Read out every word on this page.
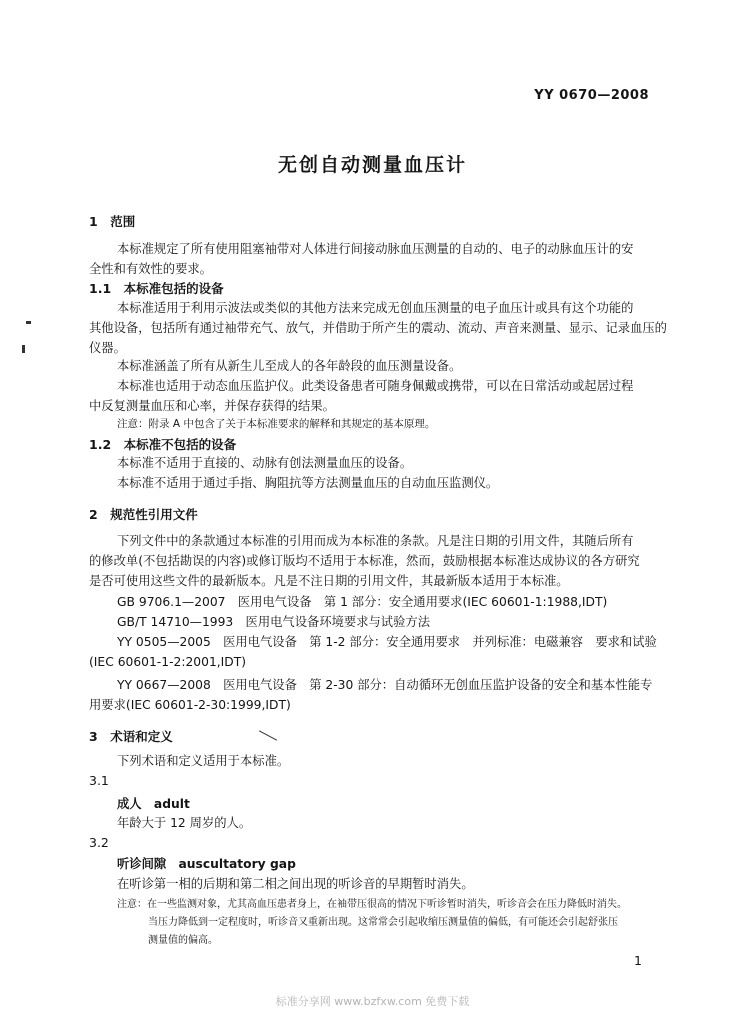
YY 0670—2008
无创自动测量血压计
1　范围
本标准规定了所有使用阻塞袖带对人体进行间接动脉血压测量的自动的、电子的动脉血压计的安
全性和有效性的要求。
1.1　本标准包括的设备
本标准适用于利用示波法或类似的其他方法来完成无创血压测量的电子血压计或具有这个功能的
其他设备，包括所有通过袖带充气、放气，并借助于所产生的震动、流动、声音来测量、显示、记录血压的
仪器。
本标准涵盖了所有从新生儿至成人的各年龄段的血压测量设备。
本标准也适用于动态血压监护仪。此类设备患者可随身佩戴或携带，可以在日常活动或起居过程
中反复测量血压和心率，并保存获得的结果。
注意：附录 A 中包含了关于本标准要求的解释和其规定的基本原理。
1.2　本标准不包括的设备
本标准不适用于直接的、动脉有创法测量血压的设备。
本标准不适用于通过手指、胸阻抗等方法测量血压的自动血压监测仪。
2　规范性引用文件
下列文件中的条款通过本标准的引用而成为本标准的条款。凡是注日期的引用文件，其随后所有
的修改单(不包括勘误的内容)或修订版均不适用于本标准，然而，鼓励根据本标准达成协议的各方研究
是否可使用这些文件的最新版本。凡是不注日期的引用文件，其最新版本适用于本标准。
GB 9706.1—2007　医用电气设备　第 1 部分：安全通用要求(IEC 60601-1:1988,IDT)
GB/T 14710—1993　医用电气设备环境要求与试验方法
YY 0505—2005　医用电气设备　第 1-2 部分：安全通用要求　并列标准：电磁兼容　要求和试验
(IEC 60601-1-2:2001,IDT)
YY 0667—2008　医用电气设备　第 2-30 部分：自动循环无创血压监护设备的安全和基本性能专
用要求(IEC 60601-2-30:1999,IDT)
3　术语和定义
下列术语和定义适用于本标准。
3.1
成人　adult
年龄大于 12 周岁的人。
3.2
听诊间隙　auscultatory gap
在听诊第一相的后期和第二相之间出现的听诊音的早期暂时消失。
注意：在一些监测对象，尤其高血压患者身上，在袖带压很高的情况下听诊暂时消失，听诊音会在压力降低时消失。
当压力降低到一定程度时，听诊音又重新出现。这常常会引起收缩压测量值的偏低，有可能还会引起舒张压
测量值的偏高。
1
标准分享网 www.bzfxw.com 免费下载
